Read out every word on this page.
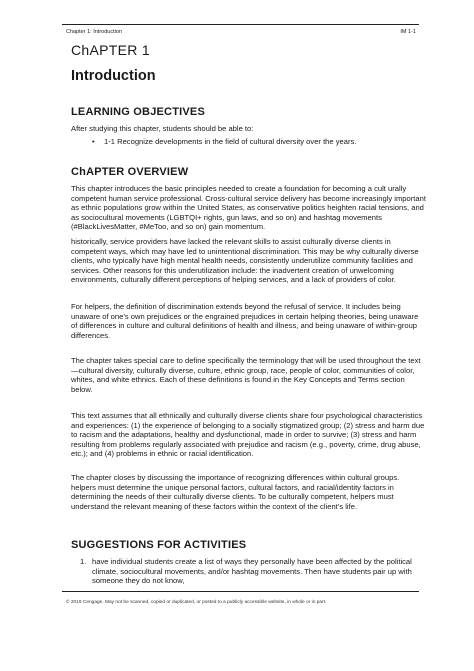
Chapter 1: Introduction	IM 1-1
ChAPTER 1
Introduction
LEARNING OBJECTIVES
After studying this chapter, students should be able to:
• 1-1 Recognize developments in the field of cultural diversity over the years.
ChAPTER OVERVIEW
This chapter introduces the basic principles needed to create a foundation for becoming a cult urally competent human service professional. Cross-cultural service delivery has become increasingly important as ethnic populations grow within the United States, as conservative politics heighten racial tensions, and as sociocultural movements (LGBTQI+ rights, gun laws, and so on) and hashtag movements (#BlackLivesMatter, #MeToo, and so on) gain momentum.
historically, service providers have lacked the relevant skills to assist culturally diverse clients in competent ways, which may have led to unintentional discrimination. This may be why culturally diverse clients, who typically have high mental health needs, consistently underutilize community facilities and services. Other reasons for this underutilization include: the inadvertent creation of unwelcoming environments, culturally different perceptions of helping services, and a lack of providers of color.
For helpers, the definition of discrimination extends beyond the refusal of service. It includes being unaware of one’s own prejudices or the engrained prejudices in certain helping theories, being unaware of differences in culture and cultural definitions of health and illness, and being unaware of within-group differences.
The chapter takes special care to define specifically the terminology that will be used throughout the text—cultural diversity, culturally diverse, culture, ethnic group, race, people of color, communities of color, whites, and white ethnics. Each of these definitions is found in the Key Concepts and Terms section below.
This text assumes that all ethnically and culturally diverse clients share four psychological characteristics and experiences: (1) the experience of belonging to a socially stigmatized group; (2) stress and harm due to racism and the adaptations, healthy and dysfunctional, made in order to survive; (3) stress and harm resulting from problems regularly associated with prejudice and racism (e.g., poverty, crime, drug abuse, etc.); and (4) problems in ethnic or racial identification.
The chapter closes by discussing the importance of recognizing differences within cultural groups. helpers must determine the unique personal factors, cultural factors, and racial/identity factors in determining the needs of their culturally diverse clients. To be culturally competent, helpers must understand the relevant meaning of these factors within the context of the client’s life.
SUGGESTIONS FOR ACTIVITIES
1. have individual students create a list of ways they personally have been affected by the political climate, sociocultural movements, and/or hashtag movements. Then have students pair up with someone they do not know,
© 2019 Cengage. May not be scanned, copied or duplicated, or posted to a publicly accessible website, in whole or in part.
